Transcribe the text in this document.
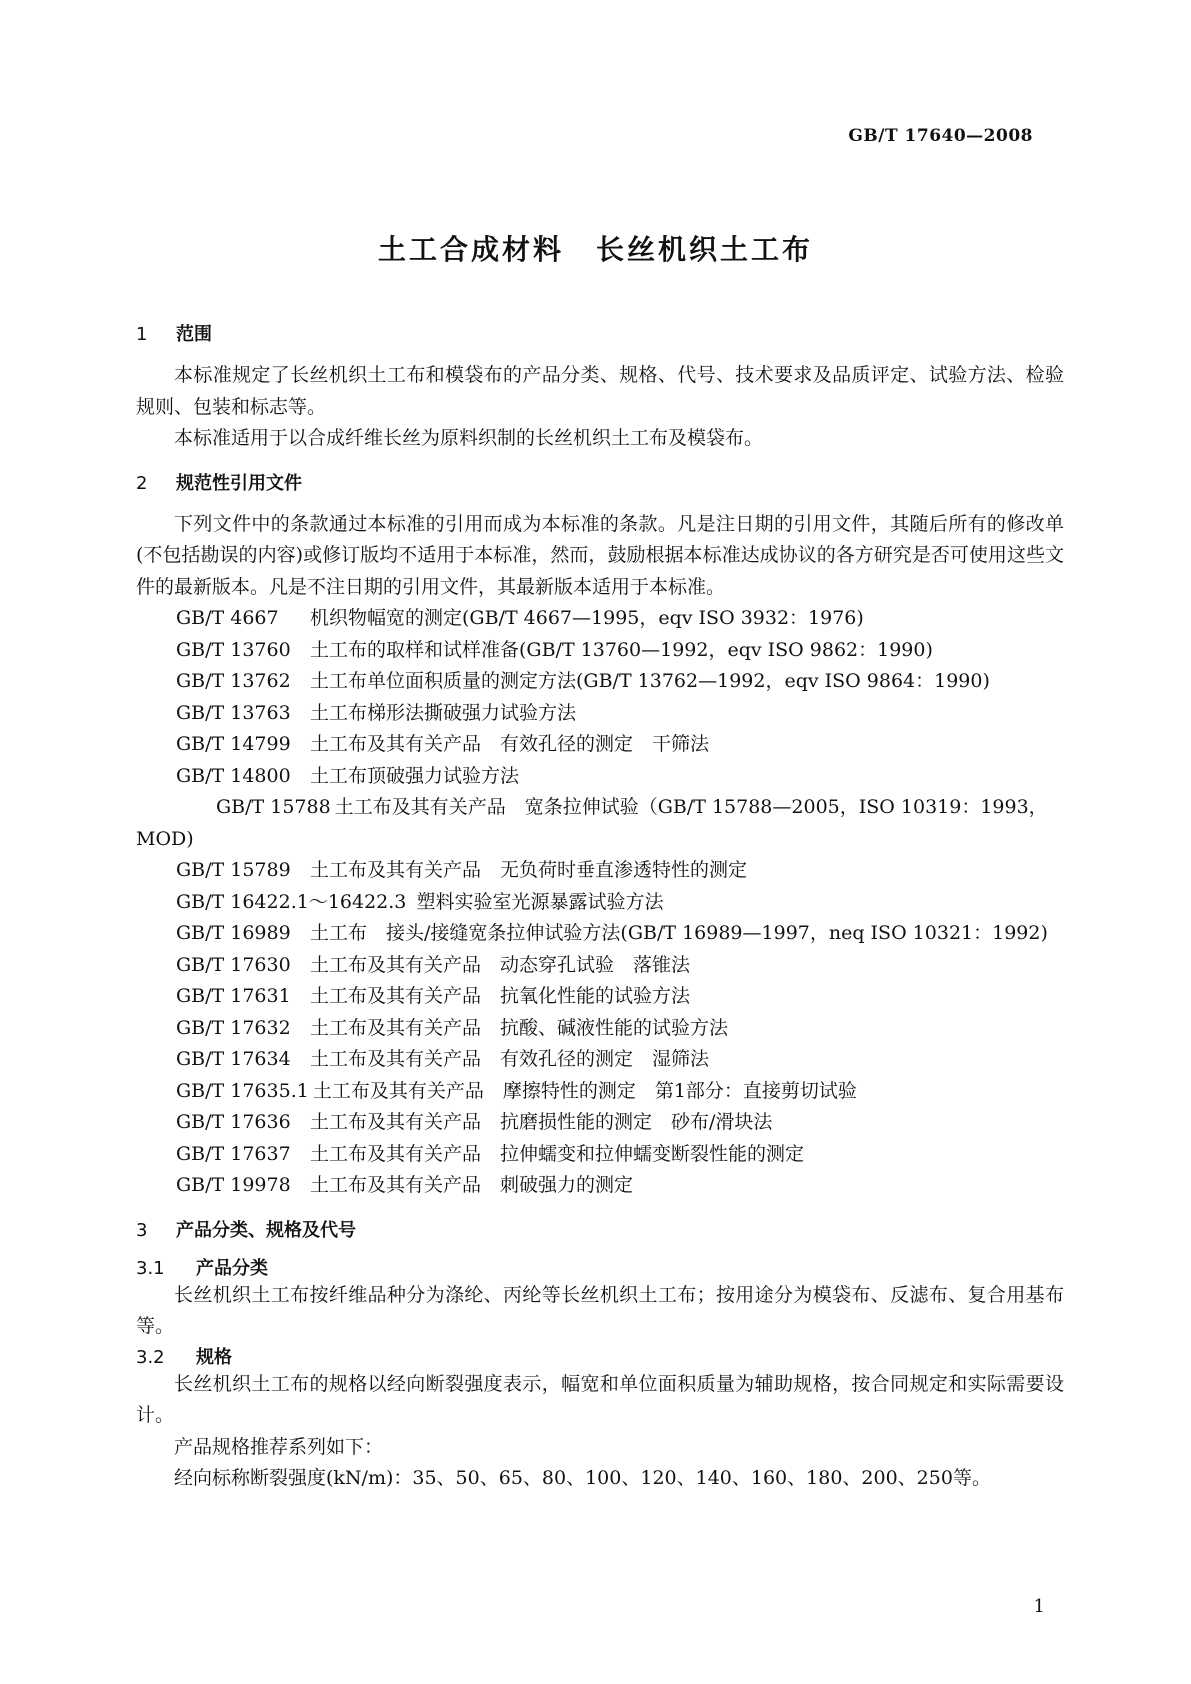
GB/T 17640—2008
土工合成材料 长丝机织土工布
1 范围

本标准规定了长丝机织土工布和模袋布的产品分类、规格、代号、技术要求及品质评定、试验方法、检验规则、包装和标志等。

本标准适用于以合成纤维长丝为原料织制的长丝机织土工布及模袋布。

2 规范性引用文件

下列文件中的条款通过本标准的引用而成为本标准的条款。凡是注日期的引用文件，其随后所有的修改单(不包括勘误的内容)或修订版均不适用于本标准，然而，鼓励根据本标准达成协议的各方研究是否可使用这些文件的最新版本。凡是不注日期的引用文件，其最新版本适用于本标准。

GB/T 4667 机织物幅宽的测定(GB/T 4667—1995，eqv ISO 3932：1976)
GB/T 13760 土工布的取样和试样准备(GB/T 13760—1992，eqv ISO 9862：1990)
GB/T 13762 土工布单位面积质量的测定方法(GB/T 13762—1992，eqv ISO 9864：1990)
GB/T 13763 土工布梯形法撕破强力试验方法
GB/T 14799 土工布及其有关产品　有效孔径的测定　干筛法
GB/T 14800 土工布顶破强力试验方法
GB/T 15788 土工布及其有关产品　宽条拉伸试验（GB/T 15788—2005，ISO 10319：1993，MOD)
GB/T 15789 土工布及其有关产品　无负荷时垂直渗透特性的测定
GB/T 16422.1～16422.3 塑料实验室光源暴露试验方法
GB/T 16989 土工布　接头/接缝宽条拉伸试验方法(GB/T 16989—1997，neq ISO 10321：1992)
GB/T 17630 土工布及其有关产品　动态穿孔试验　落锥法
GB/T 17631 土工布及其有关产品　抗氧化性能的试验方法
GB/T 17632 土工布及其有关产品　抗酸、碱液性能的试验方法
GB/T 17634 土工布及其有关产品　有效孔径的测定　湿筛法
GB/T 17635.1 土工布及其有关产品　摩擦特性的测定　第1部分：直接剪切试验
GB/T 17636 土工布及其有关产品　抗磨损性能的测定　砂布/滑块法
GB/T 17637 土工布及其有关产品　拉伸蠕变和拉伸蠕变断裂性能的测定
GB/T 19978 土工布及其有关产品　刺破强力的测定
3 产品分类、规格及代号
3.1 产品分类

长丝机织土工布按纤维品种分为涤纶、丙纶等长丝机织土工布；按用途分为模袋布、反滤布、复合用基布等。

3.2 规格

长丝机织土工布的规格以经向断裂强度表示，幅宽和单位面积质量为辅助规格，按合同规定和实际需要设计。

产品规格推荐系列如下：

经向标称断裂强度(kN/m)：35、50、65、80、100、120、140、160、180、200、250等。

1
